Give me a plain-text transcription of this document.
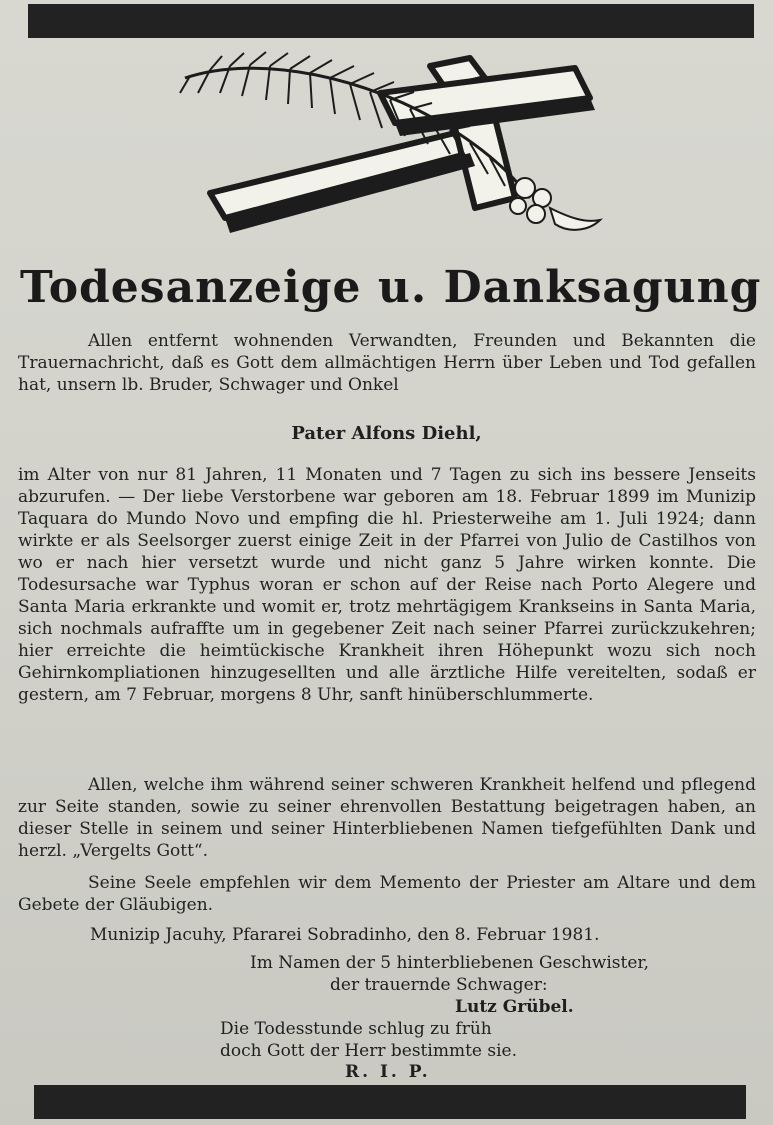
Todesanzeige u. Danksagung
Allen entfernt wohnenden Verwandten, Freunden und Bekannten die Trauernachricht, daß es Gott dem allmächtigen Herrn über Leben und Tod gefallen hat, unsern lb. Bruder, Schwager und Onkel
Pater Alfons Diehl,
im Alter von nur 81 Jahren, 11 Monaten und 7 Tagen zu sich ins bessere Jenseits abzurufen. — Der liebe Verstorbene war geboren am 18. Februar 1899 im Munizip Taquara do Mundo Novo und empfing die hl. Priesterweihe am 1. Juli 1924; dann wirkte er als Seelsorger zuerst einige Zeit in der Pfarrei von Julio de Castilhos von wo er nach hier versetzt wurde und nicht ganz 5 Jahre wirken konnte. Die Todesursache war Typhus woran er schon auf der Reise nach Porto Alegere und Santa Maria erkrankte und womit er, trotz mehrtägigem Krankseins in Santa Maria, sich nochmals aufraffte um in gegebener Zeit nach seiner Pfarrei zurückzukehren; hier erreichte die heimtückische Krankheit ihren Höhepunkt wozu sich noch Gehirnkompliationen hinzugesellten und alle ärztliche Hilfe vereitelten, sodaß er gestern, am 7 Februar, morgens 8 Uhr, sanft hinüberschlummerte.
Allen, welche ihm während seiner schweren Krankheit helfend und pflegend zur Seite standen, sowie zu seiner ehrenvollen Bestattung beigetragen haben, an dieser Stelle in seinem und seiner Hinterbliebenen Namen tiefgefühlten Dank und herzl. „Vergelts Gott“.
Seine Seele empfehlen wir dem Memento der Priester am Altare und dem Gebete der Gläubigen.
Munizip Jacuhy, Pfararei Sobradinho, den 8. Februar 1981.
Im Namen der 5 hinterbliebenen Geschwister,
der trauernde Schwager:
Lutz Grübel.
Die Todesstunde schlug zu früh
doch Gott der Herr bestimmte sie.
R. I. P.
